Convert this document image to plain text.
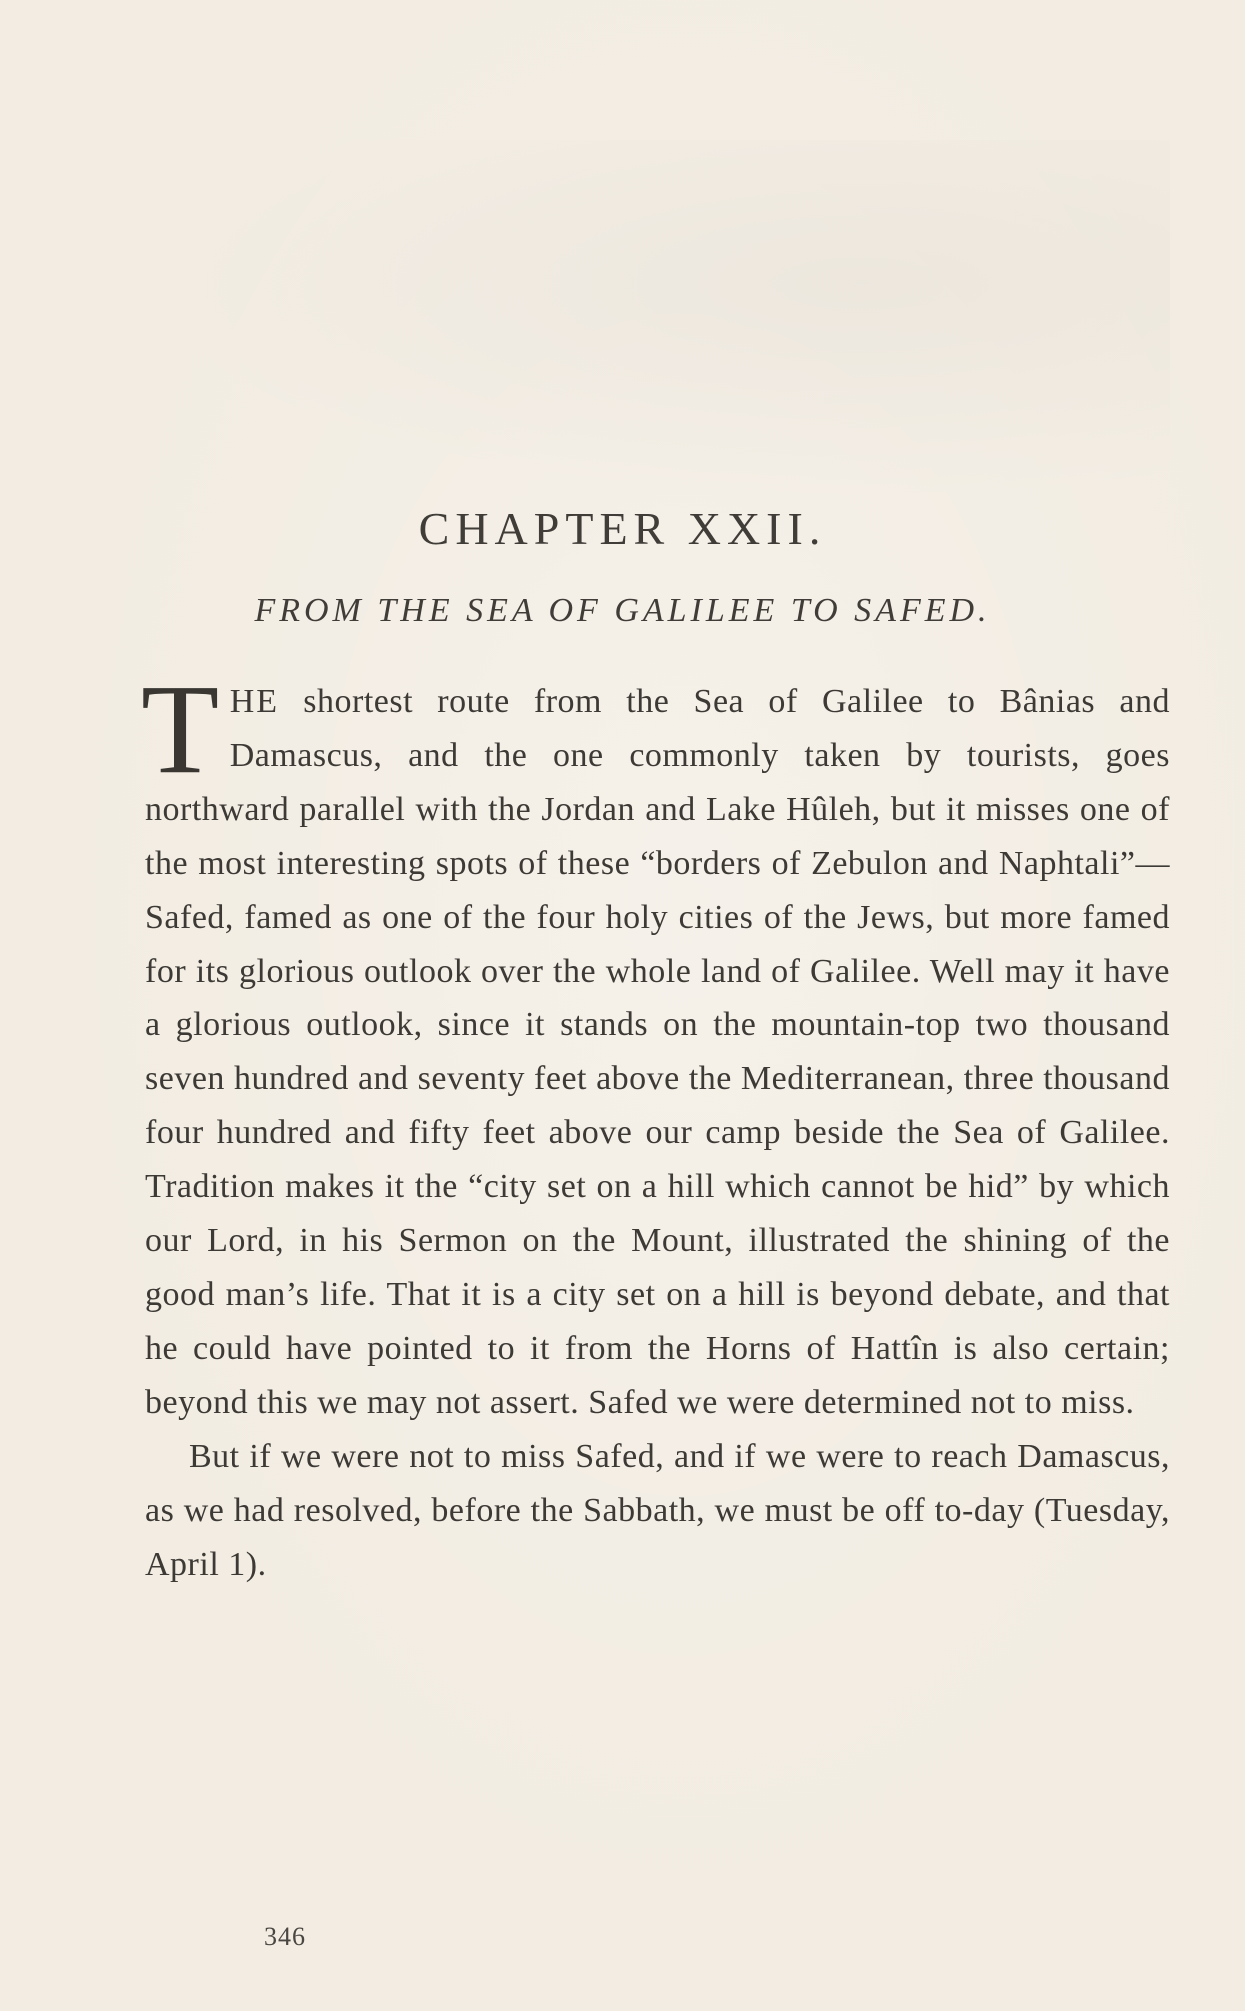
CHAPTER XXII.
FROM THE SEA OF GALILEE TO SAFED.

THE shortest route from the Sea of Galilee to Bânias and Damascus, and the one commonly taken by tourists, goes northward parallel with the Jordan and Lake Hûleh, but it misses one of the most interesting spots of these “borders of Zebulon and Naphtali”—Safed, famed as one of the four holy cities of the Jews, but more famed for its glorious outlook over the whole land of Galilee. Well may it have a glorious outlook, since it stands on the mountain-top two thousand seven hundred and seventy feet above the Mediterranean, three thousand four hundred and fifty feet above our camp beside the Sea of Galilee. Tradition makes it the “city set on a hill which cannot be hid” by which our Lord, in his Sermon on the Mount, illustrated the shining of the good man’s life. That it is a city set on a hill is beyond debate, and that he could have pointed to it from the Horns of Hattîn is also certain; beyond this we may not assert. Safed we were determined not to miss.

But if we were not to miss Safed, and if we were to reach Damascus, as we had resolved, before the Sabbath, we must be off to-day (Tuesday, April 1).

346
